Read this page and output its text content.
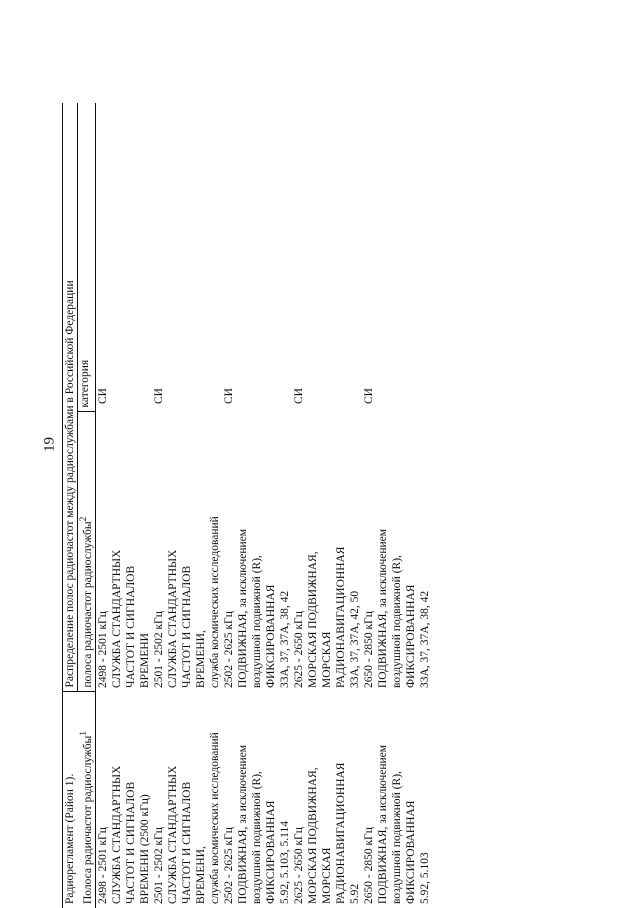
19
Радиорегламент (Район 1).	Распределение полос радиочастот между радиослужбами в Российской Федерации		
Полоса радиочастот радиослужбы$^1$	полоса радиочастот радиослужбы$^2$	категория	

2498 - 2501 кГц СЛУЖБА СТАНДАРТНЫХ ЧАСТОТ И СИГНАЛОВ ВРЕМЕНИ (2500 кГц)	2498 - 2501 кГц СЛУЖБА СТАНДАРТНЫХ ЧАСТОТ И СИГНАЛОВ ВРЕМЕНИ	СИ	

2501 - 2502 кГц СЛУЖБА СТАНДАРТНЫХ ЧАСТОТ И СИГНАЛОВ ВРЕМЕНИ, служба космических исследований	2501 - 2502 кГц СЛУЖБА СТАНДАРТНЫХ ЧАСТОТ И СИГНАЛОВ ВРЕМЕНИ, служба космических исследований	СИ	

2502 - 2625 кГц ПОДВИЖНАЯ, за исключением воздушной подвижной (R), ФИКСИРОВАННАЯ 5.92, 5.103, 5.114	2502 - 2625 кГц ПОДВИЖНАЯ, за исключением воздушной подвижной (R), ФИКСИРОВАННАЯ 33А, 37, 37А, 38, 42	СИ	

2625 - 2650 кГц МОРСКАЯ ПОДВИЖНАЯ, МОРСКАЯ РАДИОНАВИГАЦИОННАЯ 5.92	2625 - 2650 кГц МОРСКАЯ ПОДВИЖНАЯ, МОРСКАЯ РАДИОНАВИГАЦИОННАЯ 33А, 37, 37А, 42, 50	СИ	

2650 - 2850 кГц ПОДВИЖНАЯ, за исключением воздушной подвижной (R), ФИКСИРОВАННАЯ 5.92, 5.103	2650 - 2850 кГц ПОДВИЖНАЯ, за исключением воздушной подвижной (R), ФИКСИРОВАННАЯ 33А, 37, 37А, 38, 42	СИ	
